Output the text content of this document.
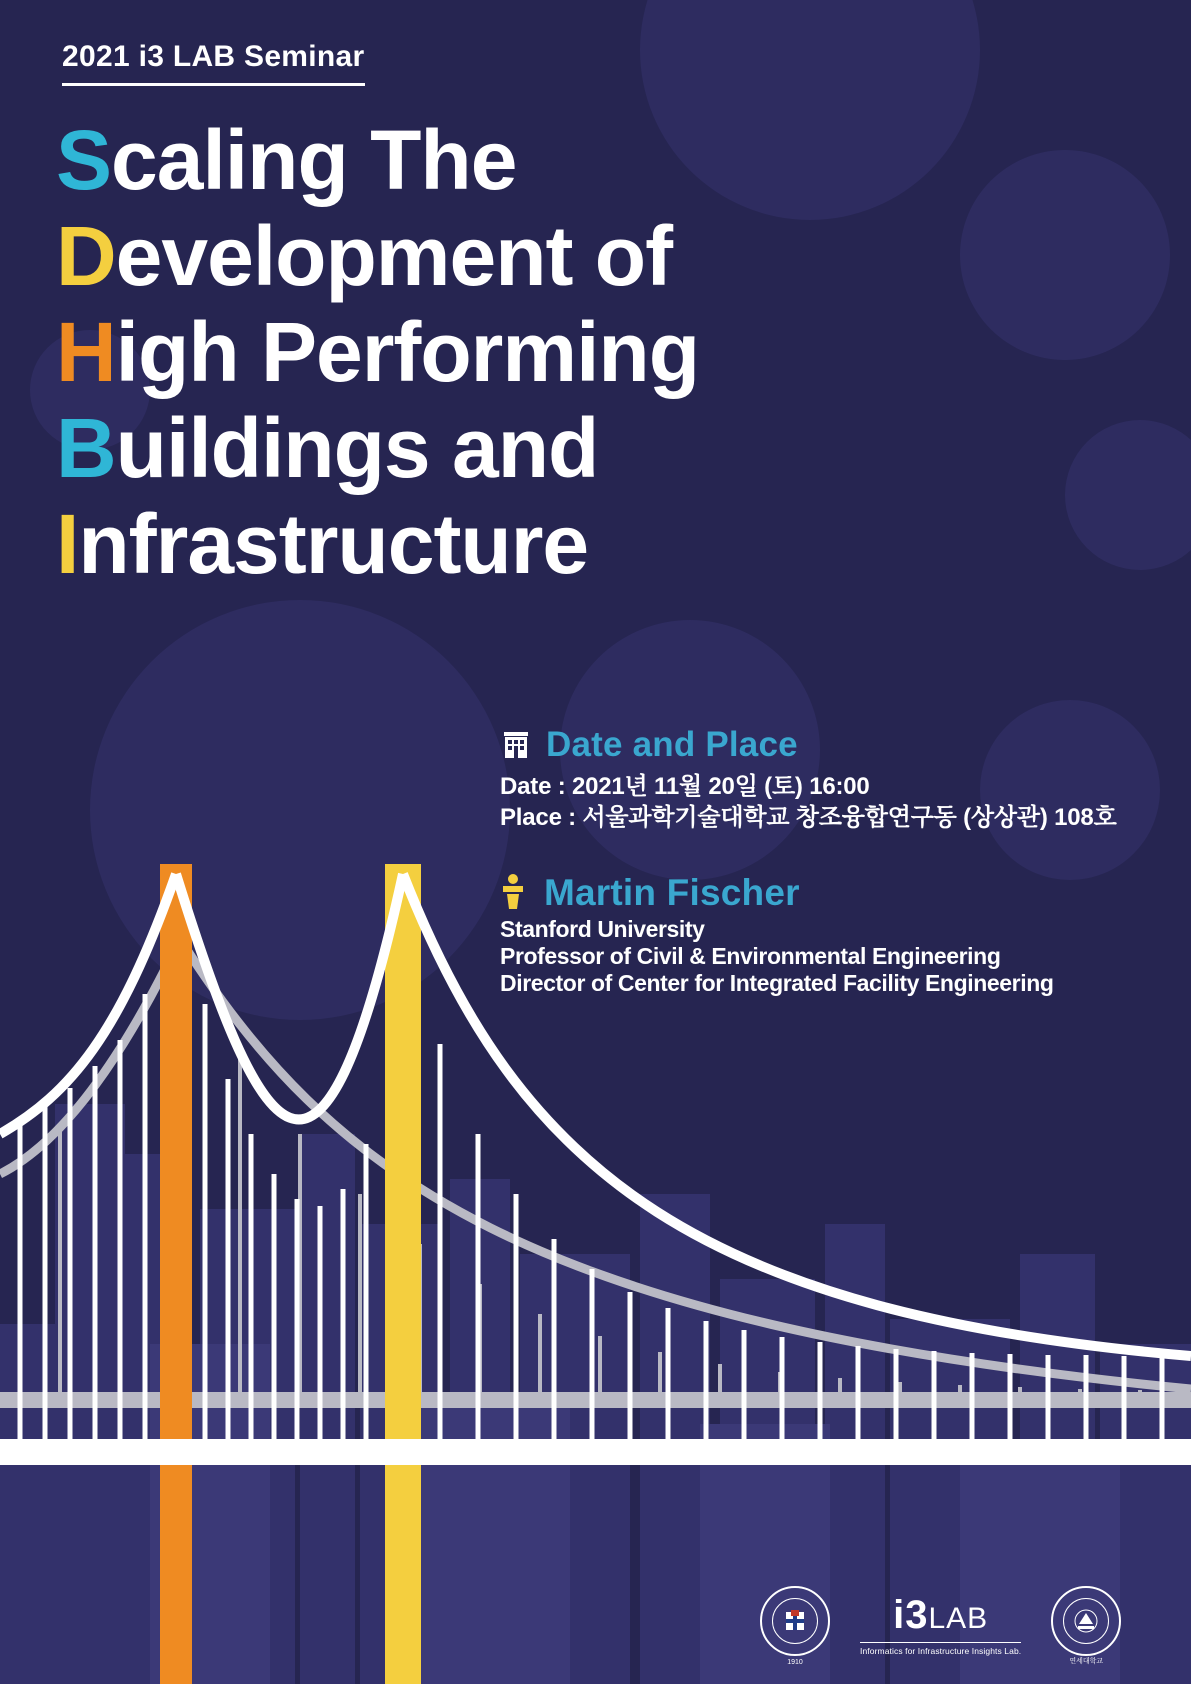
2021 i3 LAB Seminar
Scaling The
Development of
High Performing
Buildings and
Infrastructure
Date and Place
Date : 2021년 11월 20일 (토) 16:00
Place : 서울과학기술대학교 창조융합연구동 (상상관) 108호
Martin Fischer
Stanford University
Professor of Civil & Environmental Engineering
Director of Center for Integrated Facility Engineering
1910
i3LAB
Informatics for Infrastructure Insights Lab.
연세대학교
